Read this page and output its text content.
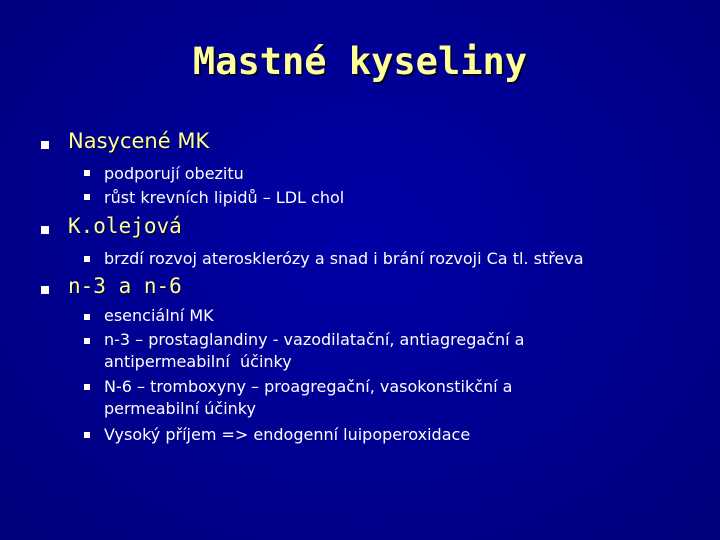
Mastné kyseliny
Nasycené MK
podporují obezitu
růst krevních lipidů – LDL chol
K.olejová
brzdí rozvoj aterosklerózy a snad i brání rozvoji Ca tl. střeva
n-3 a n-6
esenciální MK
n-3 – prostaglandiny - vazodilatační, antiagregační a
antipermeabilní  účinky
N-6 – tromboxyny – proagregační, vasokonstikční a
permeabilní účinky
Vysoký příjem => endogenní luipoperoxidace
